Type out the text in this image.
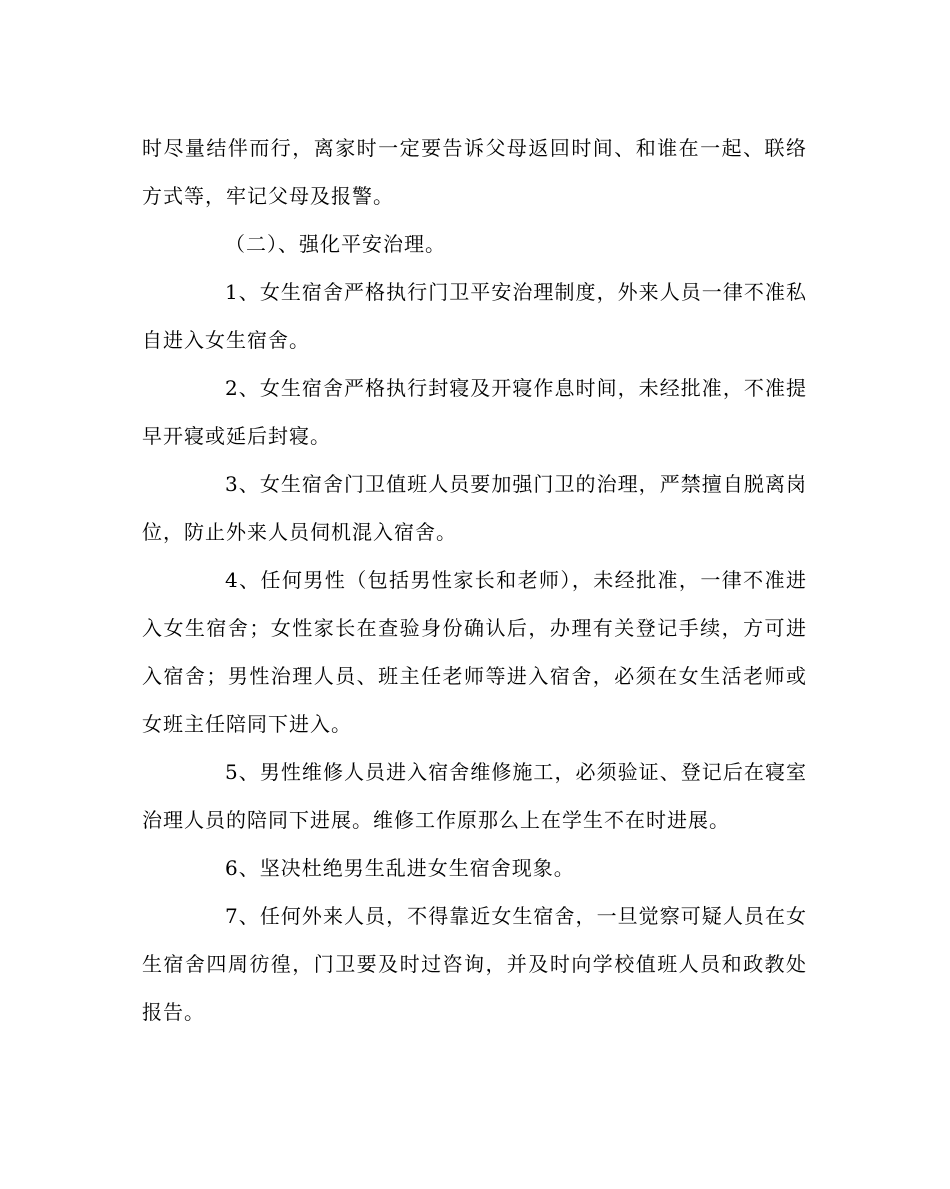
时尽量结伴而行，离家时一定要告诉父母返回时间、和谁在一起、联络方式等，牢记父母及报警。

（二）、强化平安治理。

1、女生宿舍严格执行门卫平安治理制度，外来人员一律不准私自进入女生宿舍。

2、女生宿舍严格执行封寝及开寝作息时间，未经批准，不准提早开寝或延后封寝。

3、女生宿舍门卫值班人员要加强门卫的治理，严禁擅自脱离岗位，防止外来人员伺机混入宿舍。

4、任何男性（包括男性家长和老师），未经批准，一律不准进入女生宿舍；女性家长在查验身份确认后，办理有关登记手续，方可进入宿舍；男性治理人员、班主任老师等进入宿舍，必须在女生活老师或女班主任陪同下进入。

5、男性维修人员进入宿舍维修施工，必须验证、登记后在寝室治理人员的陪同下进展。维修工作原那么上在学生不在时进展。

6、坚决杜绝男生乱进女生宿舍现象。

7、任何外来人员，不得靠近女生宿舍，一旦觉察可疑人员在女生宿舍四周彷徨，门卫要及时过咨询，并及时向学校值班人员和政教处报告。
